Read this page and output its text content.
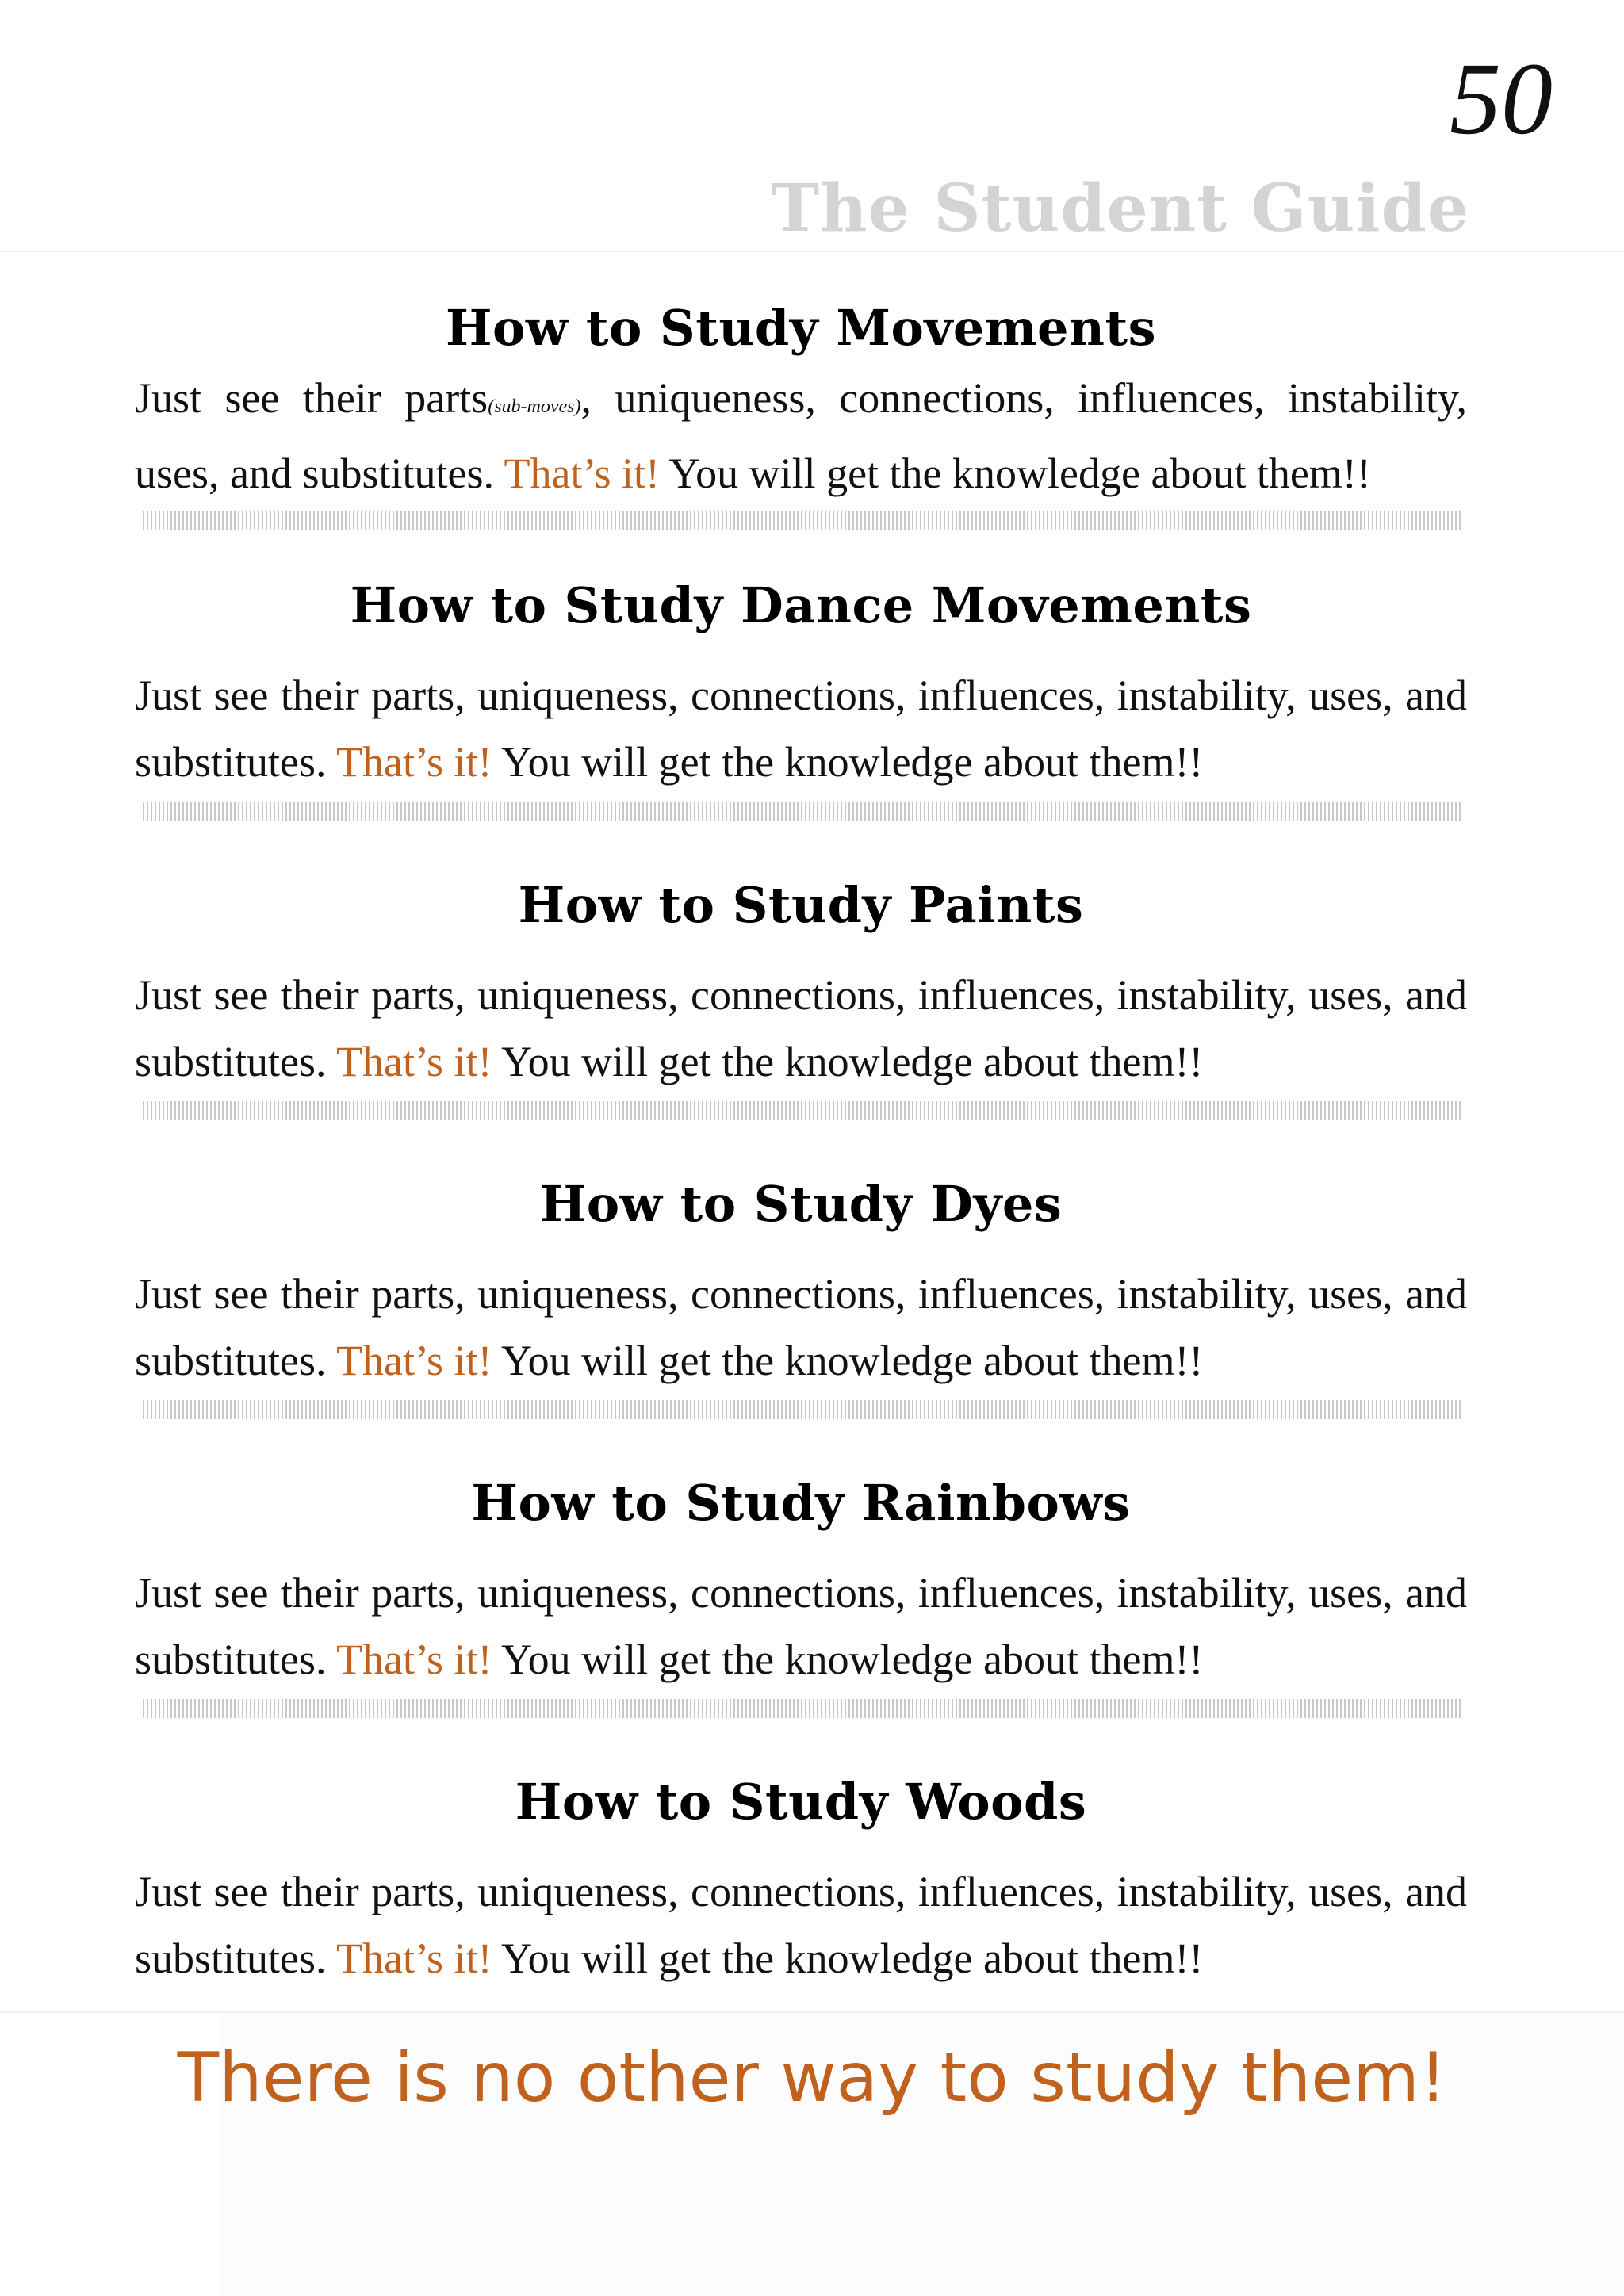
50
The Student Guide
How to Study Movements
Just see their parts(sub-moves), uniqueness, connections, influences, instability, uses, and substitutes. That’s it! You will get the knowledge about them!!
How to Study Dance Movements
Just see their parts, uniqueness, connections, influences, instability, uses, and substitutes. That’s it! You will get the knowledge about them!!
How to Study Paints
Just see their parts, uniqueness, connections, influences, instability, uses, and substitutes. That’s it! You will get the knowledge about them!!
How to Study Dyes
Just see their parts, uniqueness, connections, influences, instability, uses, and substitutes. That’s it! You will get the knowledge about them!!
How to Study Rainbows
Just see their parts, uniqueness, connections, influences, instability, uses, and substitutes. That’s it! You will get the knowledge about them!!
How to Study Woods
Just see their parts, uniqueness, connections, influences, instability, uses, and substitutes. That’s it! You will get the knowledge about them!!
There is no other way to study them!
